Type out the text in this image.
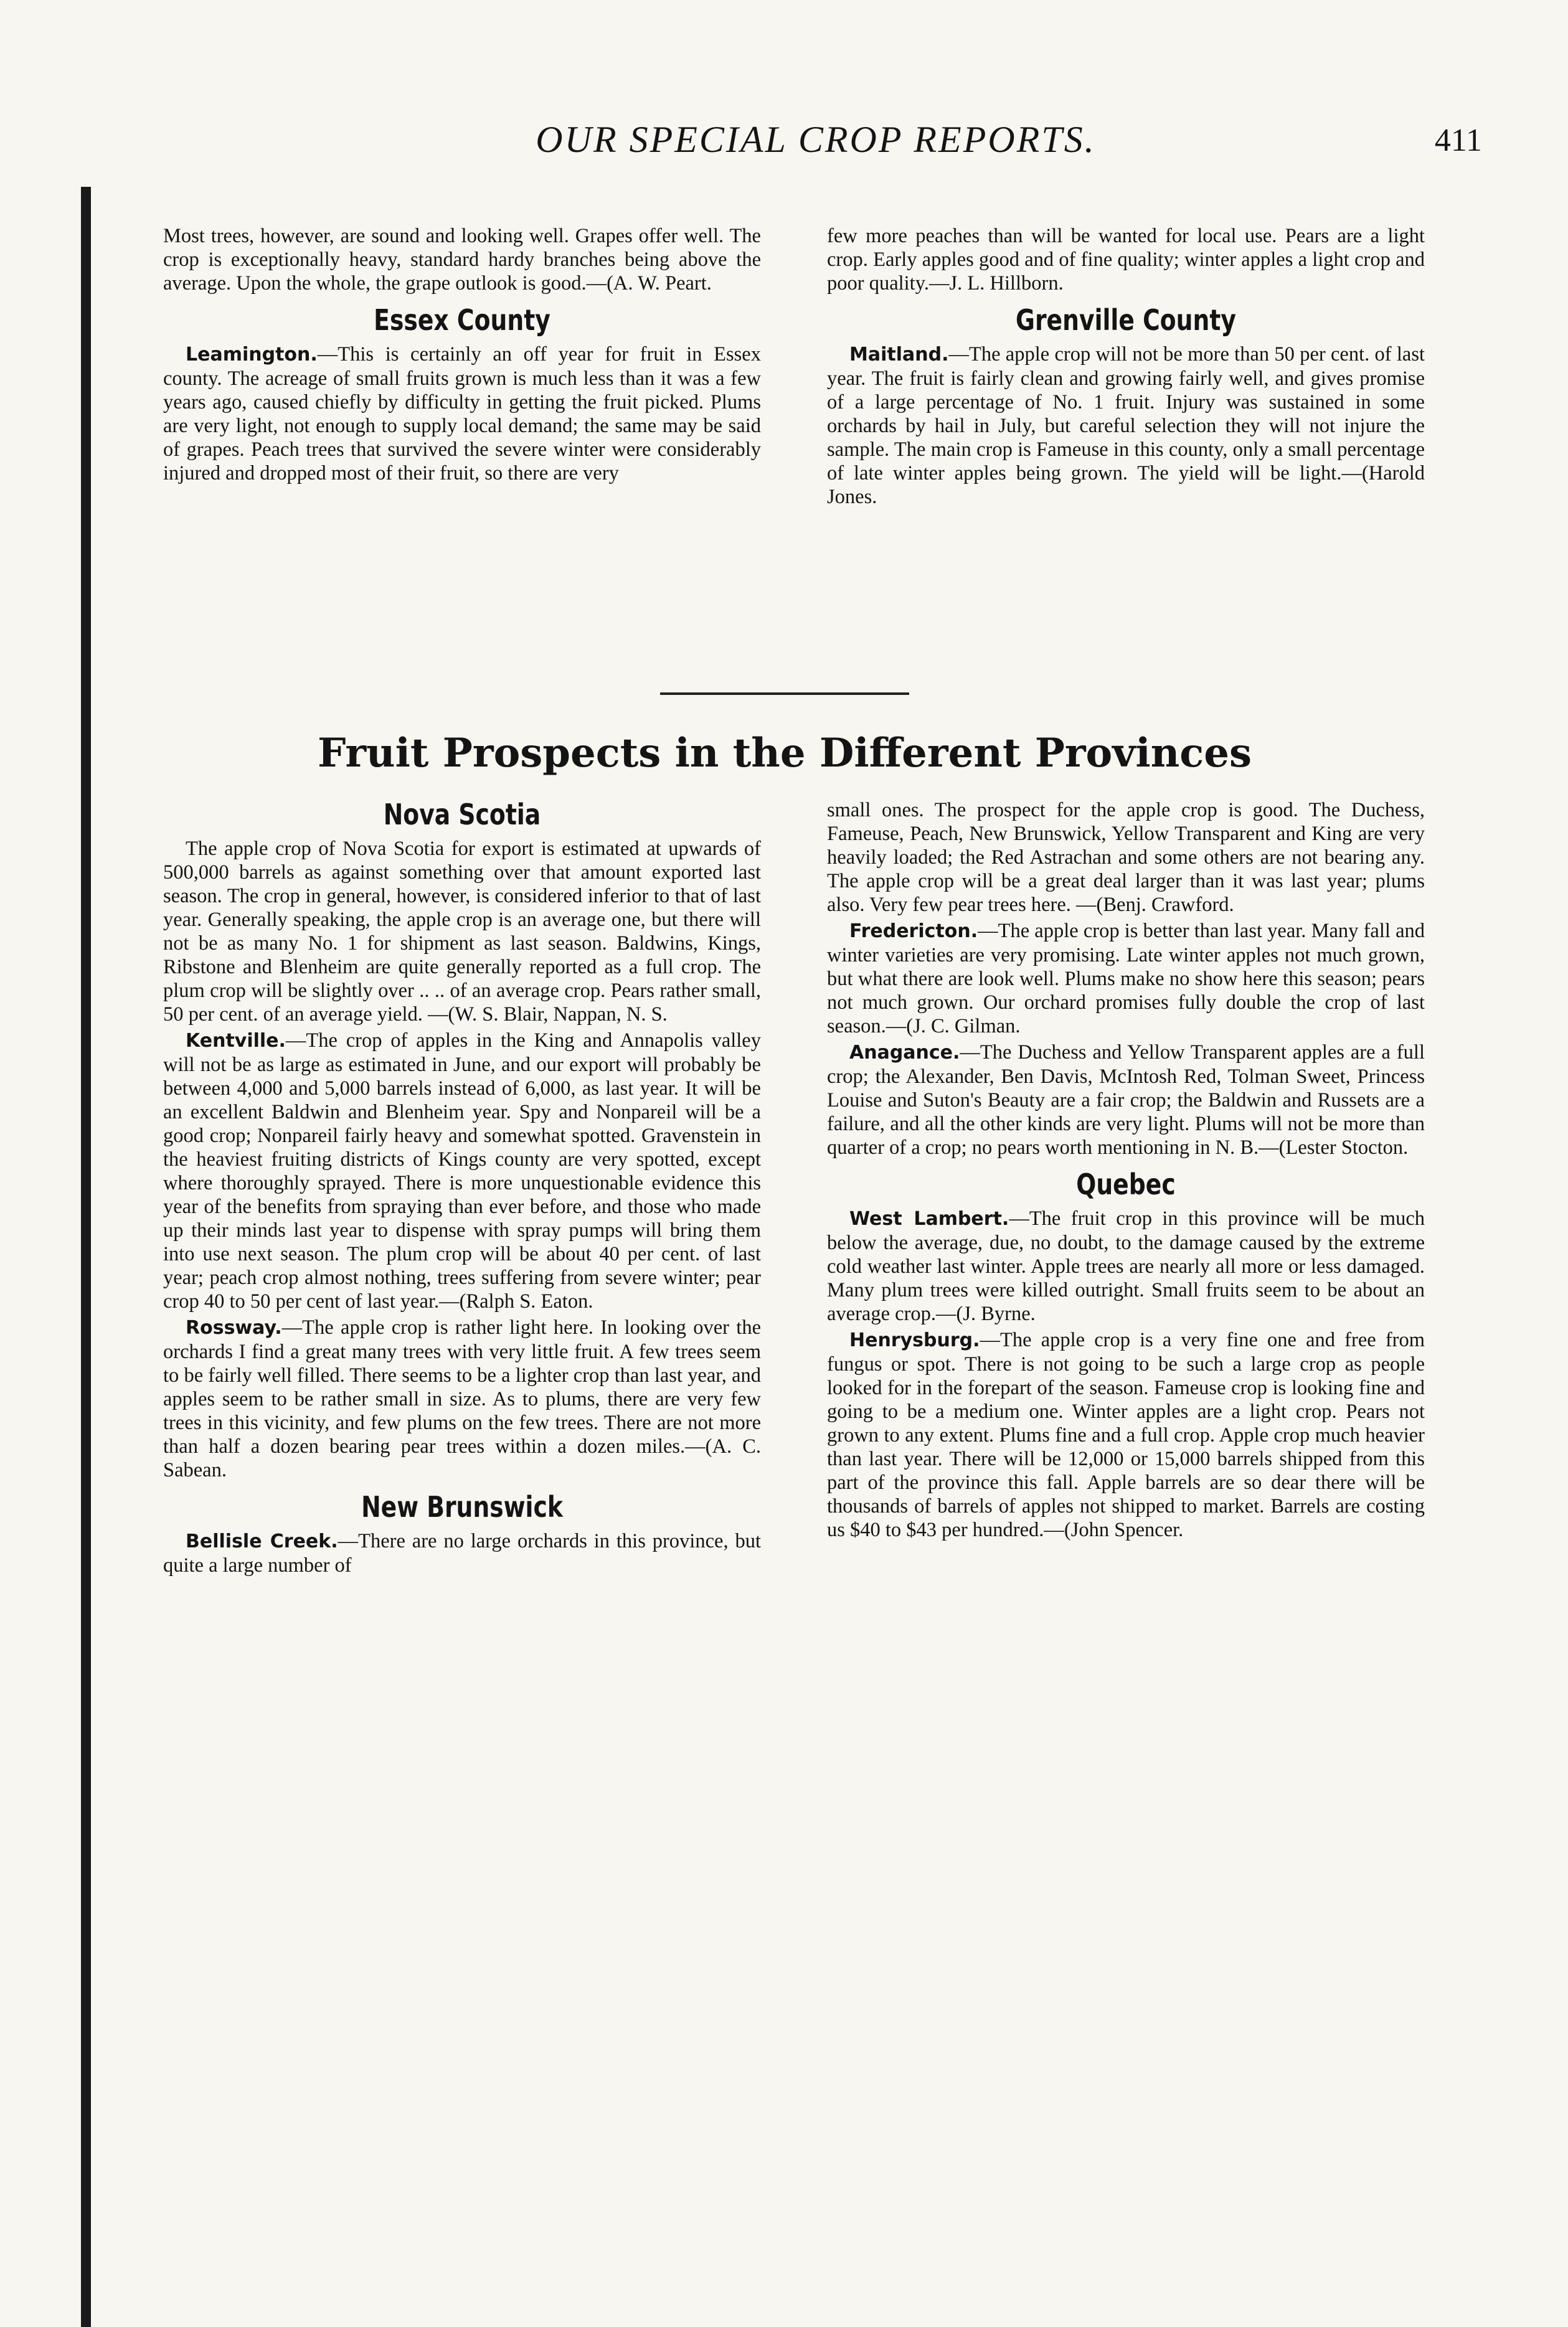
OUR SPECIAL CROP REPORTS.	411

Most trees, however, are sound and looking well. Grapes offer well. The crop is exceptionally heavy, standard hardy branches being above the average. Upon the whole, the grape outlook is good.—(A. W. Peart.

Essex County

Leamington.—This is certainly an off year for fruit in Essex county. The acreage of small fruits grown is much less than it was a few years ago, caused chiefly by difficulty in getting the fruit picked. Plums are very light, not enough to supply local demand; the same may be said of grapes. Peach trees that survived the severe winter were considerably injured and dropped most of their fruit, so there are very

few more peaches than will be wanted for local use. Pears are a light crop. Early apples good and of fine quality; winter apples a light crop and poor quality.—J. L. Hillborn.

Grenville County

Maitland.—The apple crop will not be more than 50 per cent. of last year. The fruit is fairly clean and growing fairly well, and gives promise of a large percentage of No. 1 fruit. Injury was sustained in some orchards by hail in July, but careful selection they will not injure the sample. The main crop is Fameuse in this county, only a small percentage of late winter apples being grown. The yield will be light.—(Harold Jones.

Fruit Prospects in the Different Provinces
Nova Scotia

The apple crop of Nova Scotia for export is estimated at upwards of 500,000 barrels as against something over that amount exported last season. The crop in general, however, is considered inferior to that of last year. Generally speaking, the apple crop is an average one, but there will not be as many No. 1 for shipment as last season. Baldwins, Kings, Ribstone and Blenheim are quite generally reported as a full crop. The plum crop will be slightly over .. .. of an average crop. Pears rather small, 50 per cent. of an average yield. —(W. S. Blair, Nappan, N. S.

Kentville.—The crop of apples in the King and Annapolis valley will not be as large as estimated in June, and our export will probably be between 4,000 and 5,000 barrels instead of 6,000, as last year. It will be an excellent Baldwin and Blenheim year. Spy and Nonpareil will be a good crop; Nonpareil fairly heavy and somewhat spotted. Gravenstein in the heaviest fruiting districts of Kings county are very spotted, except where thoroughly sprayed. There is more unquestionable evidence this year of the benefits from spraying than ever before, and those who made up their minds last year to dispense with spray pumps will bring them into use next season. The plum crop will be about 40 per cent. of last year; peach crop almost nothing, trees suffering from severe winter; pear crop 40 to 50 per cent of last year.—(Ralph S. Eaton.

Rossway.—The apple crop is rather light here. In looking over the orchards I find a great many trees with very little fruit. A few trees seem to be fairly well filled. There seems to be a lighter crop than last year, and apples seem to be rather small in size. As to plums, there are very few trees in this vicinity, and few plums on the few trees. There are not more than half a dozen bearing pear trees within a dozen miles.—(A. C. Sabean.

New Brunswick

Bellisle Creek.—There are no large orchards in this province, but quite a large number of

small ones. The prospect for the apple crop is good. The Duchess, Fameuse, Peach, New Brunswick, Yellow Transparent and King are very heavily loaded; the Red Astrachan and some others are not bearing any. The apple crop will be a great deal larger than it was last year; plums also. Very few pear trees here. —(Benj. Crawford.

Fredericton.—The apple crop is better than last year. Many fall and winter varieties are very promising. Late winter apples not much grown, but what there are look well. Plums make no show here this season; pears not much grown. Our orchard promises fully double the crop of last season.—(J. C. Gilman.

Anagance.—The Duchess and Yellow Transparent apples are a full crop; the Alexander, Ben Davis, McIntosh Red, Tolman Sweet, Princess Louise and Suton's Beauty are a fair crop; the Baldwin and Russets are a failure, and all the other kinds are very light. Plums will not be more than quarter of a crop; no pears worth mentioning in N. B.—(Lester Stocton.

Quebec

West Lambert.—The fruit crop in this province will be much below the average, due, no doubt, to the damage caused by the extreme cold weather last winter. Apple trees are nearly all more or less damaged. Many plum trees were killed outright. Small fruits seem to be about an average crop.—(J. Byrne.

Henrysburg.—The apple crop is a very fine one and free from fungus or spot. There is not going to be such a large crop as people looked for in the forepart of the season. Fameuse crop is looking fine and going to be a medium one. Winter apples are a light crop. Pears not grown to any extent. Plums fine and a full crop. Apple crop much heavier than last year. There will be 12,000 or 15,000 barrels shipped from this part of the province this fall. Apple barrels are so dear there will be thousands of barrels of apples not shipped to market. Barrels are costing us $40 to $43 per hundred.—(John Spencer.
